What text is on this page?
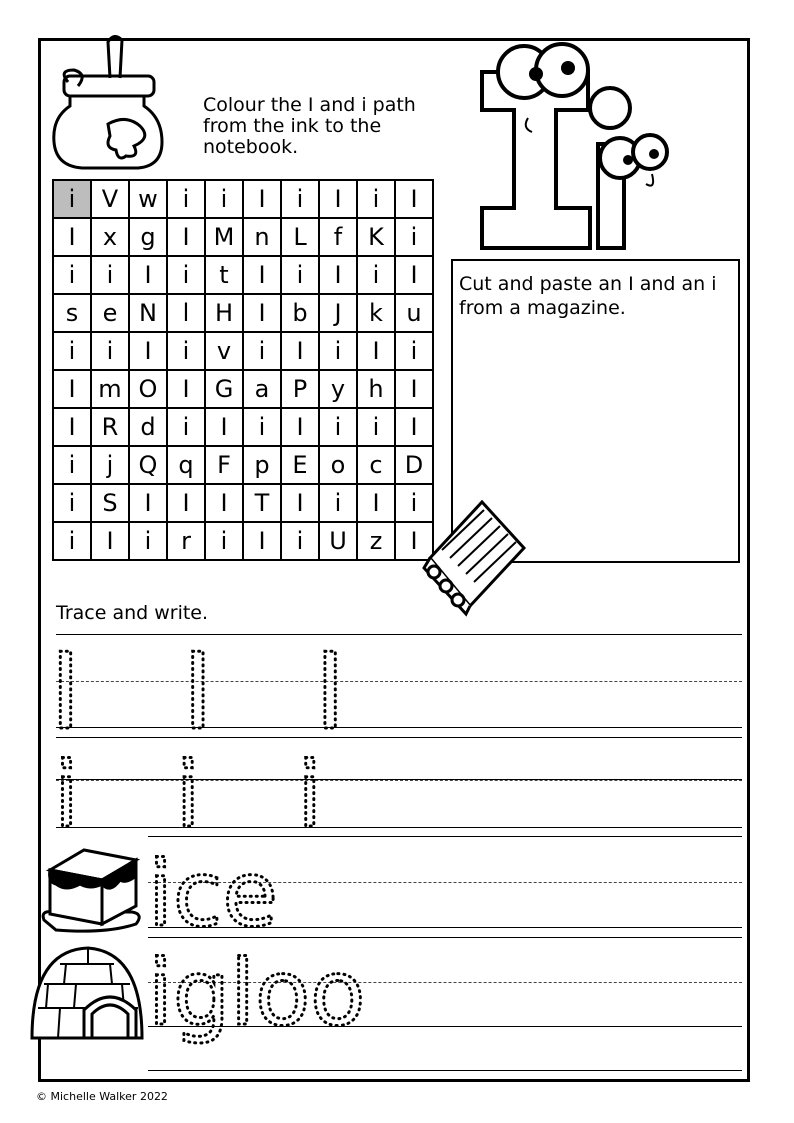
Colour the I and i path from the ink to the notebook.
i	V	w	i	i	I	i	I	i	I
I	x	g	I	M	n	L	f	K	i
i	i	I	i	t	I	i	I	i	I
s	e	N	l	H	I	b	J	k	u
i	i	I	i	v	i	I	i	I	i
I	m	O	I	G	a	P	y	h	I
I	R	d	i	I	i	I	i	i	I
i	j	Q	q	F	p	E	o	c	D
i	S	I	I	I	T	I	i	I	i
i	I	i	r	i	I	i	U	z	I
Cut and paste an I and an i from a magazine.
Trace and write.
I I I
i i i
ice
igloo
© Michelle Walker 2022
